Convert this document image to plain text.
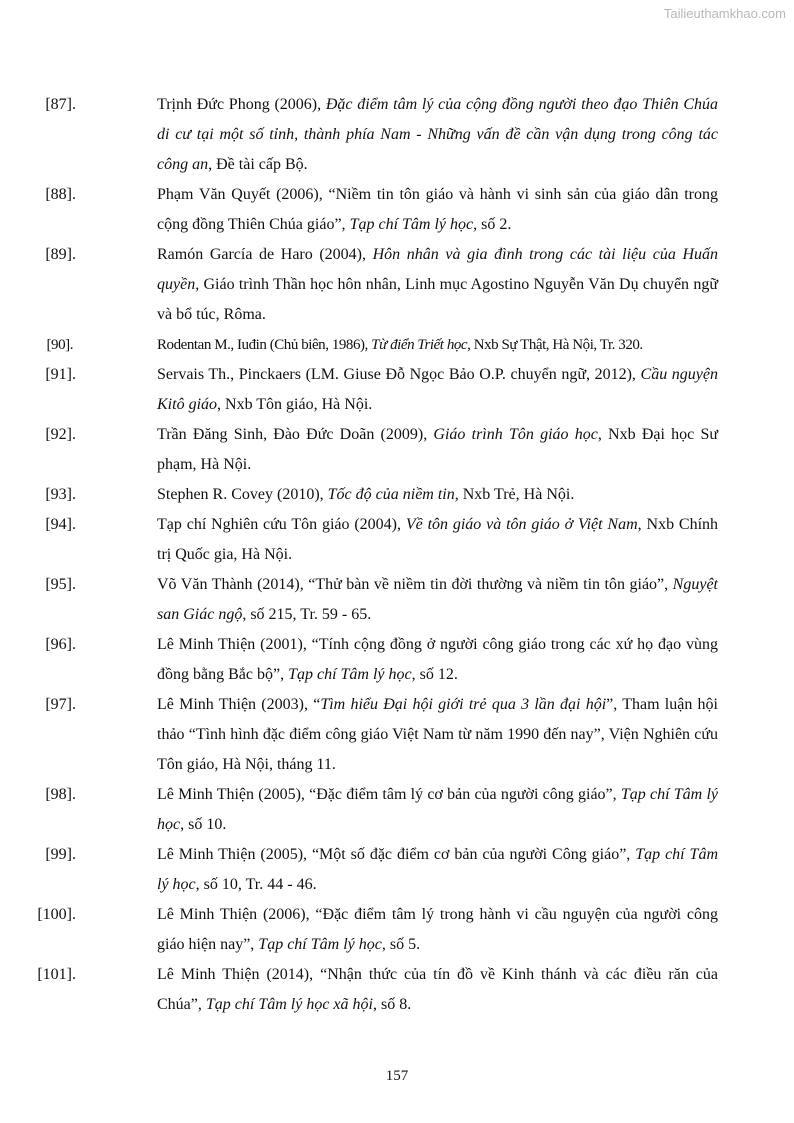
Tailieuthamkhao.com
[87].	Trịnh Đức Phong (2006), Đặc điểm tâm lý của cộng đồng người theo đạo Thiên Chúa di cư tại một số tỉnh, thành phía Nam - Những vấn đề cần vận dụng trong công tác công an, Đề tài cấp Bộ.
[88].	Phạm Văn Quyết (2006), “Niềm tin tôn giáo và hành vi sinh sản của giáo dân trong cộng đồng Thiên Chúa giáo”, Tạp chí Tâm lý học, số 2.
[89].	Ramón García de Haro (2004), Hôn nhân và gia đình trong các tài liệu của Huấn quyền, Giáo trình Thần học hôn nhân, Linh mục Agostino Nguyễn Văn Dụ chuyển ngữ và bổ túc, Rôma.
[90].	Rodentan M., Iuđin (Chủ biên, 1986), Từ điển Triết học, Nxb Sự Thật, Hà Nội, Tr. 320.
[91].	Servais Th., Pinckaers (LM. Giuse Đỗ Ngọc Bảo O.P. chuyển ngữ, 2012), Cầu nguyện Kitô giáo, Nxb Tôn giáo, Hà Nội.
[92].	Trần Đăng Sinh, Đào Đức Doãn (2009), Giáo trình Tôn giáo học, Nxb Đại học Sư phạm, Hà Nội.
[93].	Stephen R. Covey (2010), Tốc độ của niềm tin, Nxb Trẻ, Hà Nội.
[94].	Tạp chí Nghiên cứu Tôn giáo (2004), Về tôn giáo và tôn giáo ở Việt Nam, Nxb Chính trị Quốc gia, Hà Nội.
[95].	Võ Văn Thành (2014), “Thử bàn về niềm tin đời thường và niềm tin tôn giáo”, Nguyệt san Giác ngộ, số 215, Tr. 59 - 65.
[96].	Lê Minh Thiện (2001), “Tính cộng đồng ở người công giáo trong các xứ họ đạo vùng đồng bằng Bắc bộ”, Tạp chí Tâm lý học, số 12.
[97].	Lê Minh Thiện (2003), “Tìm hiểu Đại hội giới trẻ qua 3 lần đại hội”, Tham luận hội thảo “Tình hình đặc điểm công giáo Việt Nam từ năm 1990 đến nay”, Viện Nghiên cứu Tôn giáo, Hà Nội, tháng 11.
[98].	Lê Minh Thiện (2005), “Đặc điểm tâm lý cơ bản của người công giáo”, Tạp chí Tâm lý học, số 10.
[99].	Lê Minh Thiện (2005), “Một số đặc điểm cơ bản của người Công giáo”, Tạp chí Tâm lý học, số 10, Tr. 44 - 46.
[100].	Lê Minh Thiện (2006), “Đặc điểm tâm lý trong hành vi cầu nguyện của người công giáo hiện nay”, Tạp chí Tâm lý học, số 5.
[101].	Lê Minh Thiện (2014), “Nhận thức của tín đồ về Kinh thánh và các điều răn của Chúa”, Tạp chí Tâm lý học xã hội, số 8.
157
